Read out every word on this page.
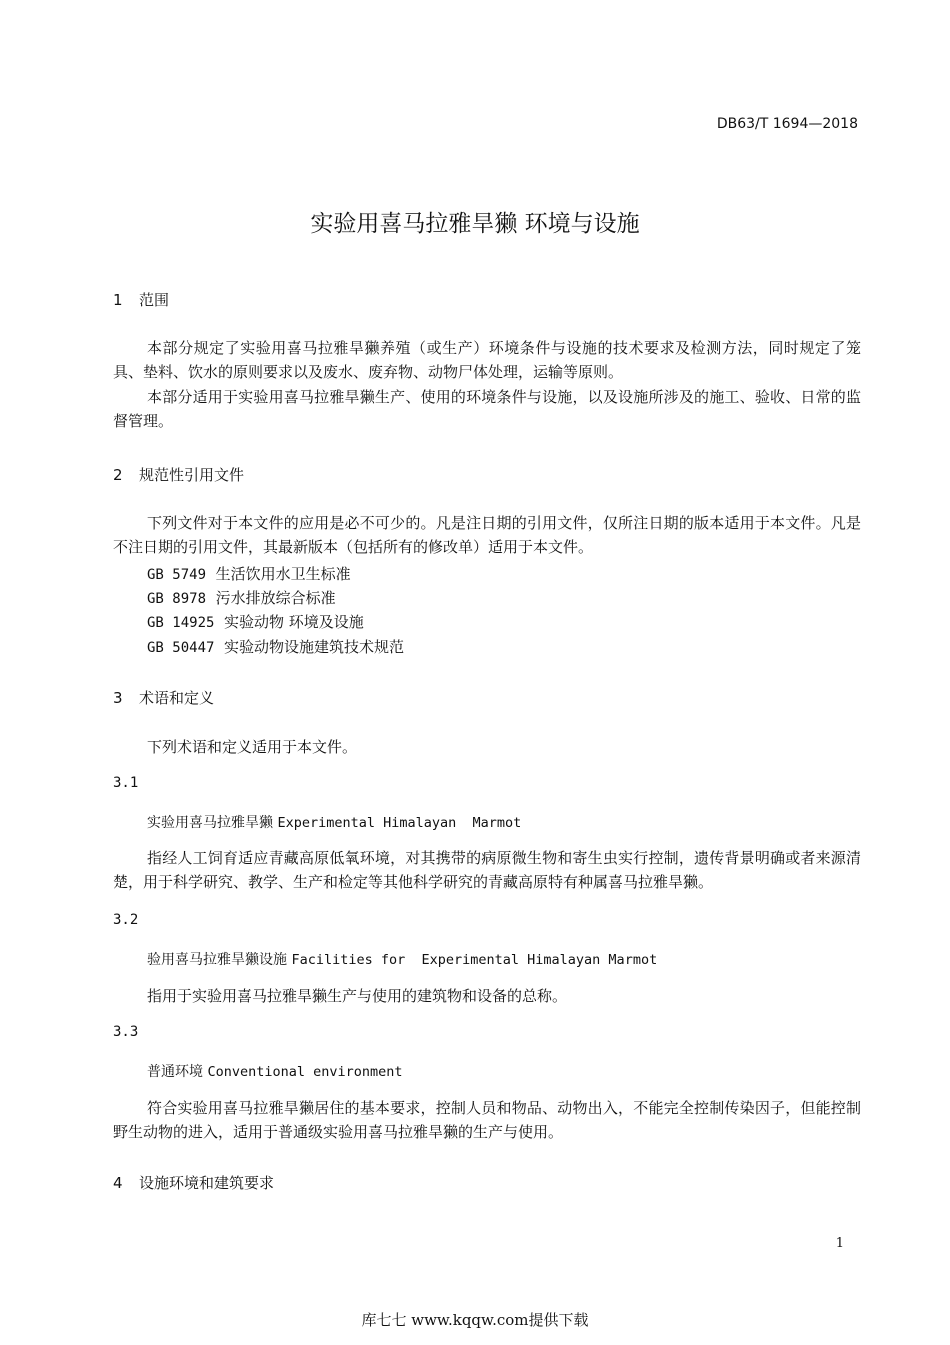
DB63/T 1694—2018
实验用喜马拉雅旱獭 环境与设施
1 范围
本部分规定了实验用喜马拉雅旱獭养殖（或生产）环境条件与设施的技术要求及检测方法，同时规定了笼具、垫料、饮水的原则要求以及废水、废弃物、动物尸体处理，运输等原则。
本部分适用于实验用喜马拉雅旱獭生产、使用的环境条件与设施，以及设施所涉及的施工、验收、日常的监督管理。
2 规范性引用文件
下列文件对于本文件的应用是必不可少的。凡是注日期的引用文件，仅所注日期的版本适用于本文件。凡是不注日期的引用文件，其最新版本（包括所有的修改单）适用于本文件。
GB 5749 生活饮用水卫生标准
GB 8978 污水排放综合标准
GB 14925 实验动物 环境及设施
GB 50447 实验动物设施建筑技术规范
3 术语和定义
下列术语和定义适用于本文件。
3.1
实验用喜马拉雅旱獭 Experimental Himalayan  Marmot
指经人工饲育适应青藏高原低氧环境，对其携带的病原微生物和寄生虫实行控制，遗传背景明确或者来源清楚，用于科学研究、教学、生产和检定等其他科学研究的青藏高原特有种属喜马拉雅旱獭。
3.2
验用喜马拉雅旱獭设施 Facilities for  Experimental Himalayan Marmot
指用于实验用喜马拉雅旱獭生产与使用的建筑物和设备的总称。
3.3
普通环境 Conventional environment
符合实验用喜马拉雅旱獭居住的基本要求，控制人员和物品、动物出入，不能完全控制传染因子，但能控制野生动物的进入，适用于普通级实验用喜马拉雅旱獭的生产与使用。
4 设施环境和建筑要求
1
库七七 www.kqqw.com提供下载
